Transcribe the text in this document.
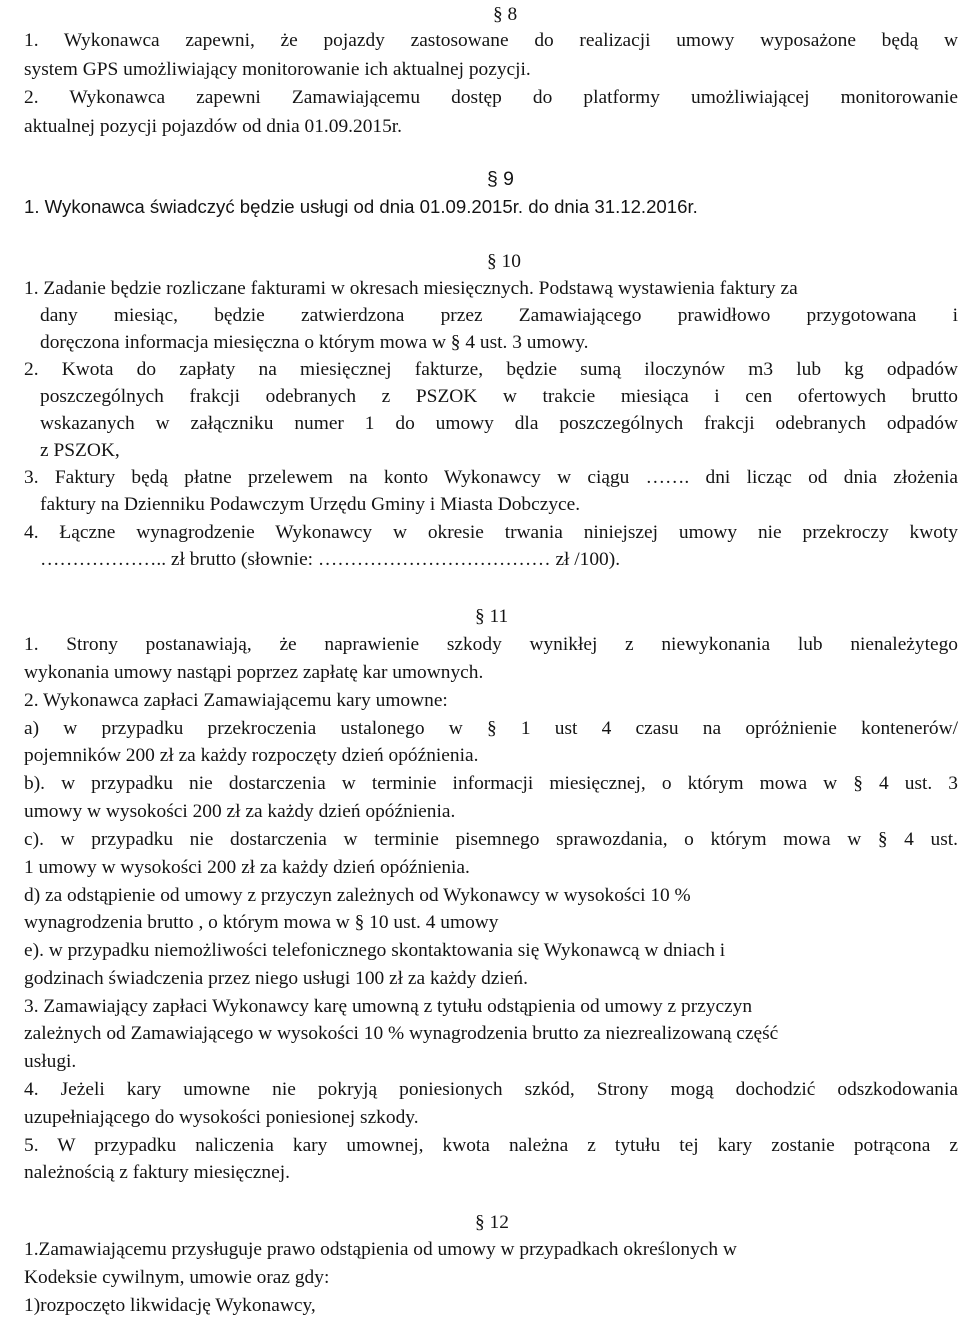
§ 8

1. Wykonawca zapewni, że pojazdy zastosowane do realizacji umowy wyposażone będą w

system GPS umożliwiający monitorowanie ich aktualnej pozycji.

2. Wykonawca zapewni Zamawiającemu dostęp do platformy umożliwiającej monitorowanie

aktualnej pozycji pojazdów od dnia 01.09.2015r.

§ 9

1. Wykonawca świadczyć będzie usługi od dnia 01.09.2015r. do dnia 31.12.2016r.

§ 10

1. Zadanie będzie rozliczane fakturami w okresach miesięcznych. Podstawą wystawienia faktury za

dany miesiąc, będzie zatwierdzona przez Zamawiającego prawidłowo przygotowana i

doręczona informacja miesięczna o którym mowa w § 4 ust. 3 umowy.

2. Kwota do zapłaty na miesięcznej fakturze, będzie sumą iloczynów m3 lub kg odpadów

poszczególnych frakcji odebranych z PSZOK w trakcie miesiąca i cen ofertowych brutto

wskazanych w załączniku numer 1 do umowy dla poszczególnych frakcji odebranych odpadów

z PSZOK,

3. Faktury będą płatne przelewem na konto Wykonawcy w ciągu ……. dni licząc od dnia złożenia

faktury na Dzienniku Podawczym Urzędu Gminy i Miasta Dobczyce.

4. Łączne wynagrodzenie Wykonawcy w okresie trwania niniejszej umowy nie przekroczy kwoty

……………….. zł brutto (słownie: ……………………………… zł /100).

§ 11

1. Strony postanawiają, że naprawienie szkody wynikłej z niewykonania lub nienależytego

wykonania umowy nastąpi poprzez zapłatę kar umownych.

2. Wykonawca zapłaci Zamawiającemu kary umowne:

a) w przypadku przekroczenia ustalonego w § 1 ust 4 czasu na opróżnienie kontenerów/

pojemników 200 zł za każdy rozpoczęty dzień opóźnienia.

b). w przypadku nie dostarczenia w terminie informacji miesięcznej, o którym mowa w § 4 ust. 3

umowy w wysokości 200 zł za każdy dzień opóźnienia.

c). w przypadku nie dostarczenia w terminie pisemnego sprawozdania, o którym mowa w § 4 ust.

1 umowy w wysokości 200 zł za każdy dzień opóźnienia.

d) za odstąpienie od umowy z przyczyn zależnych od Wykonawcy w wysokości 10 %

wynagrodzenia brutto , o którym mowa w § 10 ust. 4 umowy

e). w przypadku niemożliwości telefonicznego skontaktowania się Wykonawcą w dniach i

godzinach świadczenia przez niego usługi 100 zł za każdy dzień.

3. Zamawiający zapłaci Wykonawcy karę umowną z tytułu odstąpienia od umowy z przyczyn

zależnych od Zamawiającego w wysokości 10 % wynagrodzenia brutto za niezrealizowaną część

usługi.

4. Jeżeli kary umowne nie pokryją poniesionych szkód, Strony mogą dochodzić odszkodowania

uzupełniającego do wysokości poniesionej szkody.

5. W przypadku naliczenia kary umownej, kwota należna z tytułu tej kary zostanie potrącona z

należnością z faktury miesięcznej.

§ 12

1.Zamawiającemu przysługuje prawo odstąpienia od umowy w przypadkach określonych w

Kodeksie cywilnym, umowie oraz gdy:

1)rozpoczęto likwidację Wykonawcy,
